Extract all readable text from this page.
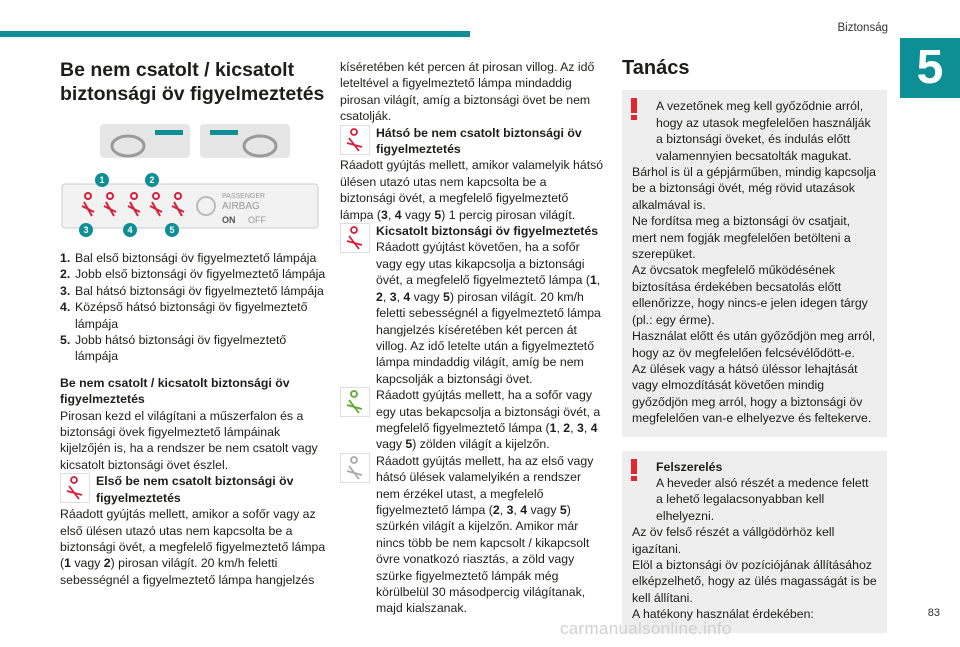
Biztonság
5
Be nem csatolt / kicsatolt biztonsági öv figyelmeztetés
PASSENGER
AIRBAG
ON OFF
1	2
3	4	5
1. Bal első biztonsági öv figyelmeztető lámpája
2. Jobb első biztonsági öv figyelmeztető lámpája
3. Bal hátsó biztonsági öv figyelmeztető lámpája
4. Középső hátsó biztonsági öv figyelmeztető lámpája
5. Jobb hátsó biztonsági öv figyelmeztető lámpája

Be nem csatolt / kicsatolt biztonsági öv figyelmeztetés

Pirosan kezd el világítani a műszerfalon és a biztonsági övek figyelmeztető lámpáinak kijelzőjén is, ha a rendszer be nem csatolt vagy kicsatolt biztonsági övet észlel.

Első be nem csatolt biztonsági öv figyelmeztetés

Ráadott gyújtás mellett, amikor a sofőr vagy az első ülésen utazó utas nem kapcsolta be a biztonsági övét, a megfelelő figyelmeztető lámpa (1 vagy 2) pirosan világít. 20 km/h feletti sebességnél a figyelmeztető lámpa hangjelzés

kíséretében két percen át pirosan villog. Az idő leteltével a figyelmeztető lámpa mindaddig pirosan világít, amíg a biztonsági övet be nem csatolják.

Hátsó be nem csatolt biztonsági öv figyelmeztetés

Ráadott gyújtás mellett, amikor valamelyik hátsó ülésen utazó utas nem kapcsolta be a biztonsági övét, a megfelelő figyelmeztető lámpa (3, 4 vagy 5) 1 percig pirosan világít.

Kicsatolt biztonsági öv figyelmeztetés
Ráadott gyújtást követően, ha a sofőr vagy egy utas kikapcsolja a biztonsági övét, a megfelelő figyelmeztető lámpa (1, 2, 3, 4 vagy 5) pirosan világít. 20 km/h feletti sebességnél a figyelmeztető lámpa hangjelzés kíséretében két percen át villog. Az idő letelte után a figyelmeztető lámpa mindaddig világít, amíg be nem kapcsolják a biztonsági övet.
Ráadott gyújtás mellett, ha a sofőr vagy egy utas bekapcsolja a biztonsági övét, a megfelelő figyelmeztető lámpa (1, 2, 3, 4 vagy 5) zölden világít a kijelzőn.
Ráadott gyújtás mellett, ha az első vagy hátsó ülések valamelyikén a rendszer nem érzékel utast, a megfelelő figyelmeztető lámpa (2, 3, 4 vagy 5) szürkén világít a kijelzőn. Amikor már nincs több be nem kapcsolt / kikapcsolt övre vonatkozó riasztás, a zöld vagy szürke figyelmeztető lámpák még körülbelül 30 másodpercig világítanak, majd kialszanak.
Tanács

A vezetőnek meg kell győződnie arról, hogy az utasok megfelelően használják a biztonsági öveket, és indulás előtt valamennyien becsatolták magukat.

Bárhol is ül a gépjárműben, mindig kapcsolja be a biztonsági övét, még rövid utazások alkalmával is.

Ne fordítsa meg a biztonsági öv csatjait, mert nem fogják megfelelően betölteni a szerepüket.

Az övcsatok megfelelő működésének biztosítása érdekében becsatolás előtt ellenőrizze, hogy nincs-e jelen idegen tárgy (pl.: egy érme).

Használat előtt és után győződjön meg arról, hogy az öv megfelelően felcsévélődött-e.

Az ülések vagy a hátsó üléssor lehajtását vagy elmozdítását követően mindig győződjön meg arról, hogy a biztonsági öv megfelelően van-e elhelyezve és feltekerve.

Felszerelés

A heveder alsó részét a medence felett a lehető legalacsonyabban kell elhelyezni.

Az öv felső részét a vállgödörhöz kell igazítani.

Elöl a biztonsági öv pozíciójának állításához elképzelhető, hogy az ülés magasságát is be kell állítani.

A hatékony használat érdekében:	83
carmanualsonline.info
